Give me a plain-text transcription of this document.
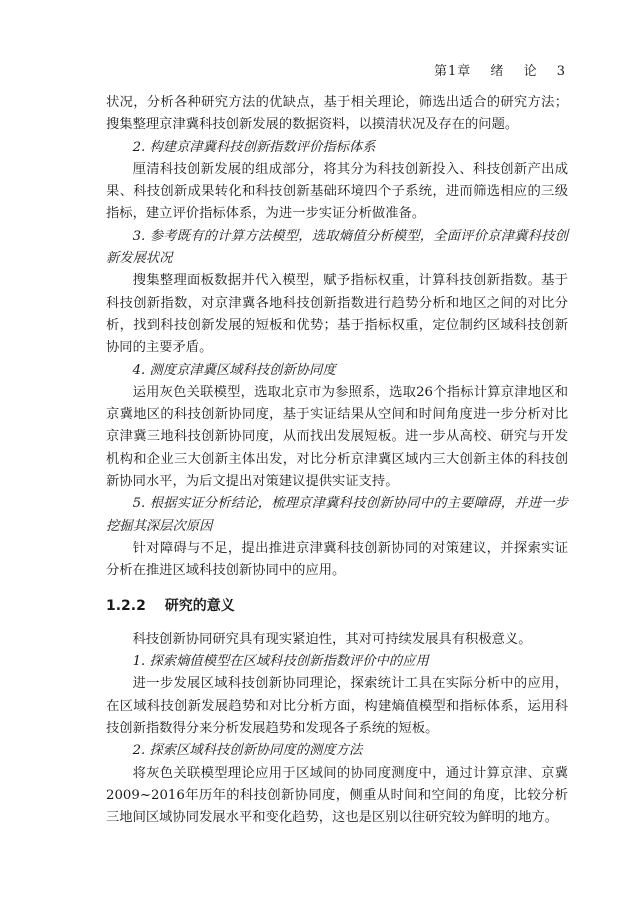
第1章 绪 论 3

状况，分析各种研究方法的优缺点，基于相关理论，筛选出适合的研究方法；搜集整理京津冀科技创新发展的数据资料，以摸清状况及存在的问题。

2. 构建京津冀科技创新指数评价指标体系

厘清科技创新发展的组成部分，将其分为科技创新投入、科技创新产出成果、科技创新成果转化和科技创新基础环境四个子系统，进而筛选相应的三级指标，建立评价指标体系，为进一步实证分析做准备。

3. 参考既有的计算方法模型，选取熵值分析模型，全面评价京津冀科技创新发展状况

搜集整理面板数据并代入模型，赋予指标权重，计算科技创新指数。基于科技创新指数，对京津冀各地科技创新指数进行趋势分析和地区之间的对比分析，找到科技创新发展的短板和优势；基于指标权重，定位制约区域科技创新协同的主要矛盾。

4. 测度京津冀区域科技创新协同度

运用灰色关联模型，选取北京市为参照系，选取26个指标计算京津地区和京冀地区的科技创新协同度，基于实证结果从空间和时间角度进一步分析对比京津冀三地科技创新协同度，从而找出发展短板。进一步从高校、研究与开发机构和企业三大创新主体出发，对比分析京津冀区域内三大创新主体的科技创新协同水平，为后文提出对策建议提供实证支持。

5. 根据实证分析结论，梳理京津冀科技创新协同中的主要障碍，并进一步挖掘其深层次原因

针对障碍与不足，提出推进京津冀科技创新协同的对策建议，并探索实证分析在推进区域科技创新协同中的应用。

1.2.2 研究的意义

科技创新协同研究具有现实紧迫性，其对可持续发展具有积极意义。

1. 探索熵值模型在区域科技创新指数评价中的应用

进一步发展区域科技创新协同理论，探索统计工具在实际分析中的应用，在区域科技创新发展趋势和对比分析方面，构建熵值模型和指标体系，运用科技创新指数得分来分析发展趋势和发现各子系统的短板。

2. 探索区域科技创新协同度的测度方法

将灰色关联模型理论应用于区域间的协同度测度中，通过计算京津、京冀2009~2016年历年的科技创新协同度，侧重从时间和空间的角度，比较分析三地间区域协同发展水平和变化趋势，这也是区别以往研究较为鲜明的地方。
